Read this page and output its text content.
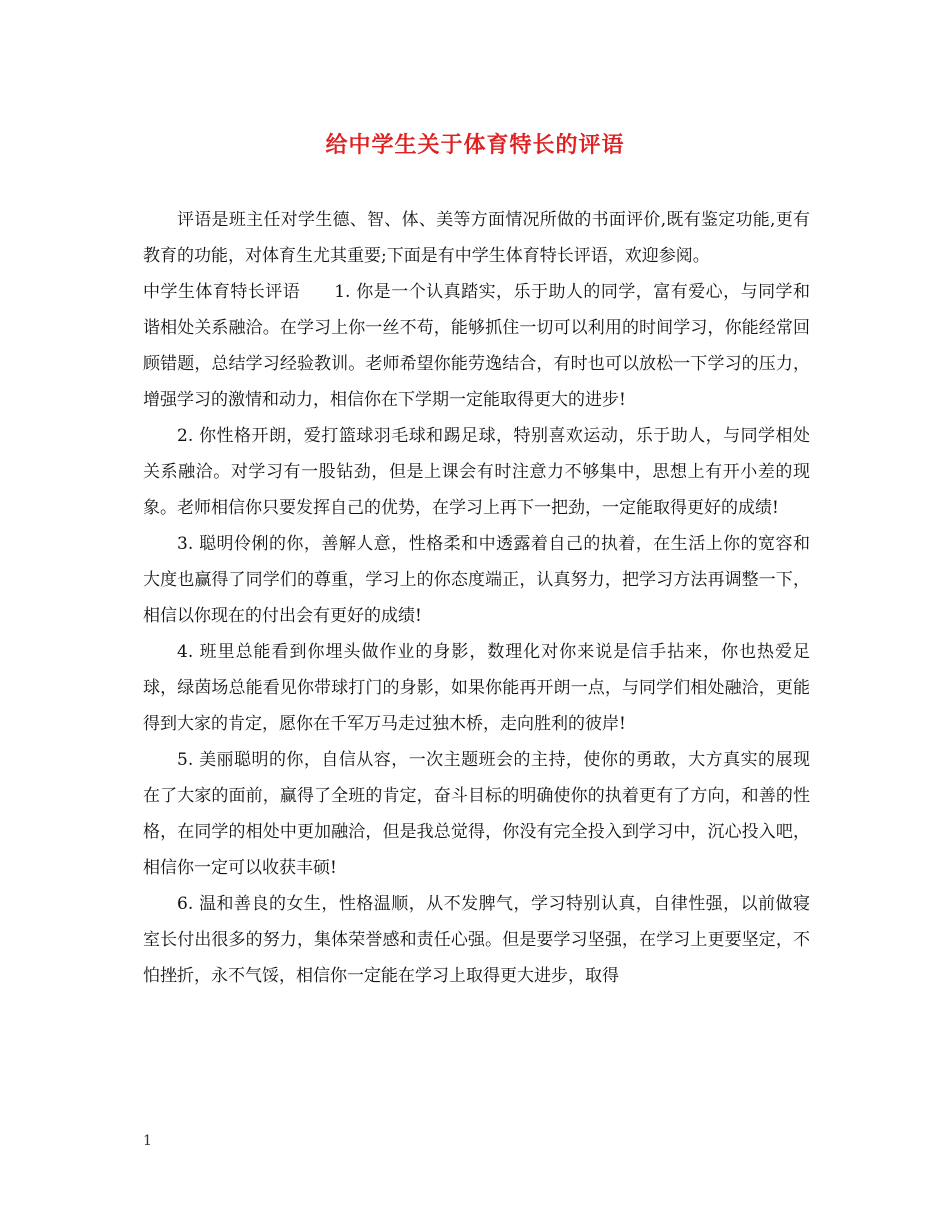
给中学生关于体育特长的评语

评语是班主任对学生德、智、体、美等方面情况所做的书面评价,既有鉴定功能,更有教育的功能，对体育生尤其重要;下面是有中学生体育特长评语，欢迎参阅。

中学生体育特长评语 1. 你是一个认真踏实，乐于助人的同学，富有爱心，与同学和谐相处关系融洽。在学习上你一丝不苟，能够抓住一切可以利用的时间学习，你能经常回顾错题，总结学习经验教训。老师希望你能劳逸结合，有时也可以放松一下学习的压力，增强学习的激情和动力，相信你在下学期一定能取得更大的进步!

2. 你性格开朗，爱打篮球羽毛球和踢足球，特别喜欢运动，乐于助人，与同学相处关系融洽。对学习有一股钻劲，但是上课会有时注意力不够集中，思想上有开小差的现象。老师相信你只要发挥自己的优势，在学习上再下一把劲，一定能取得更好的成绩!

3. 聪明伶俐的你，善解人意，性格柔和中透露着自己的执着，在生活上你的宽容和大度也赢得了同学们的尊重，学习上的你态度端正，认真努力，把学习方法再调整一下，相信以你现在的付出会有更好的成绩!

4. 班里总能看到你埋头做作业的身影，数理化对你来说是信手拈来，你也热爱足球，绿茵场总能看见你带球打门的身影，如果你能再开朗一点，与同学们相处融洽，更能得到大家的肯定，愿你在千军万马走过独木桥，走向胜利的彼岸!

5. 美丽聪明的你，自信从容，一次主题班会的主持，使你的勇敢，大方真实的展现在了大家的面前，赢得了全班的肯定，奋斗目标的明确使你的执着更有了方向，和善的性格，在同学的相处中更加融洽，但是我总觉得，你没有完全投入到学习中，沉心投入吧，相信你一定可以收获丰硕!

6. 温和善良的女生，性格温顺，从不发脾气，学习特别认真，自律性强，以前做寝室长付出很多的努力，集体荣誉感和责任心强。但是要学习坚强，在学习上更要坚定，不怕挫折，永不气馁，相信你一定能在学习上取得更大进步，取得

1
